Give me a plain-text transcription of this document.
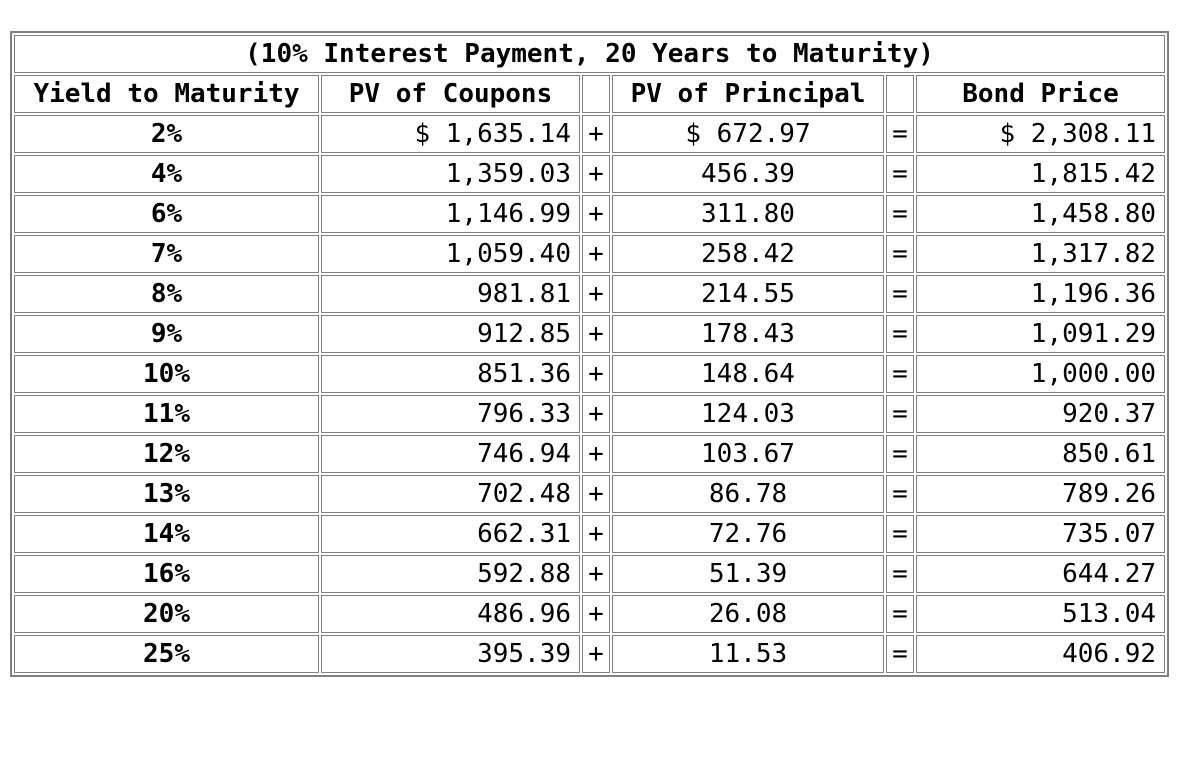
(10% Interest Payment, 20 Years to Maturity)					
Yield to Maturity	PV of Coupons		PV of Principal		Bond Price
2%	$ 1,635.14	+	$ 672.97	=	$ 2,308.11
4%	1,359.03	+	456.39	=	1,815.42
6%	1,146.99	+	311.80	=	1,458.80
7%	1,059.40	+	258.42	=	1,317.82
8%	981.81	+	214.55	=	1,196.36
9%	912.85	+	178.43	=	1,091.29
10%	851.36	+	148.64	=	1,000.00
11%	796.33	+	124.03	=	920.37
12%	746.94	+	103.67	=	850.61
13%	702.48	+	86.78	=	789.26
14%	662.31	+	72.76	=	735.07
16%	592.88	+	51.39	=	644.27
20%	486.96	+	26.08	=	513.04
25%	395.39	+	11.53	=	406.92
